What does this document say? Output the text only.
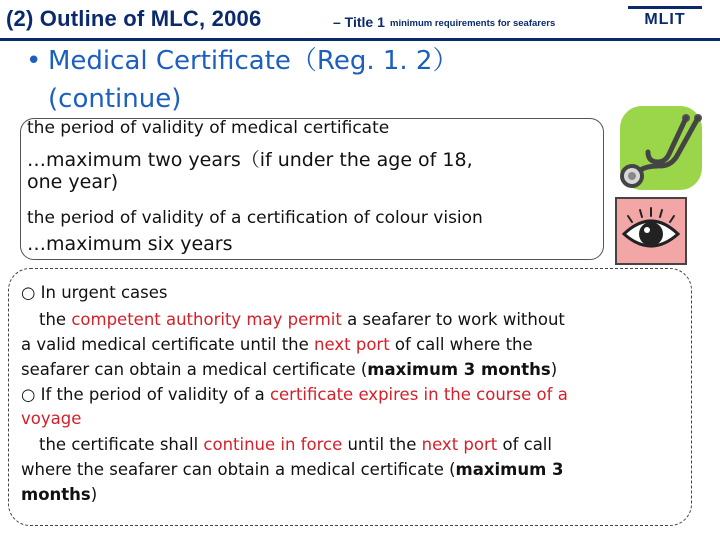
(2) Outline of MLC, 2006	– Title 1 minimum requirements for seafarers	MLIT
• Medical Certificate（Reg. 1. 2）
(continue)
the period of validity of medical certificate
…maximum two years（if under the age of 18,
one year)
the period of validity of a certification of colour vision
…maximum six years
○ In urgent cases
the competent authority may permit a seafarer to work without
a valid medical certificate until the next port of call where the
seafarer can obtain a medical certificate (maximum 3 months)
○ If the period of validity of a certificate expires in the course of a
voyage
the certificate shall continue in force until the next port of call
where the seafarer can obtain a medical certificate (maximum 3
months)
